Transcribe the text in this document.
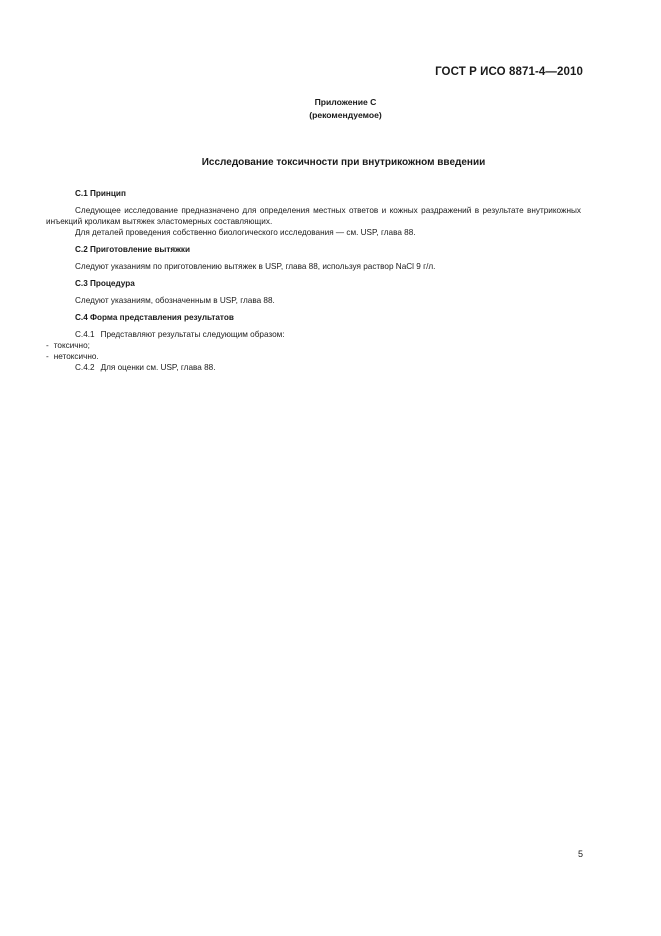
ГОСТ Р ИСО 8871-4—2010
Приложение С
(рекомендуемое)
Исследование токсичности при внутрикожном введении

С.1 Принцип

Следующее исследование предназначено для определения местных ответов и кожных раздражений в результате внутрикожных инъекций кроликам вытяжек эластомерных составляющих.

Для деталей проведения собственно биологического исследования — см. USP, глава 88.

С.2 Приготовление вытяжки

Следуют указаниям по приготовлению вытяжек в USP, глава 88, используя раствор NaCl 9 г/л.

С.3 Процедура

Следуют указаниям, обозначенным в USP, глава 88.

С.4 Форма представления результатов

С.4.1 Представляют результаты следующим образом:

- токсично;

- нетоксично.

С.4.2 Для оценки см. USP, глава 88.

5
